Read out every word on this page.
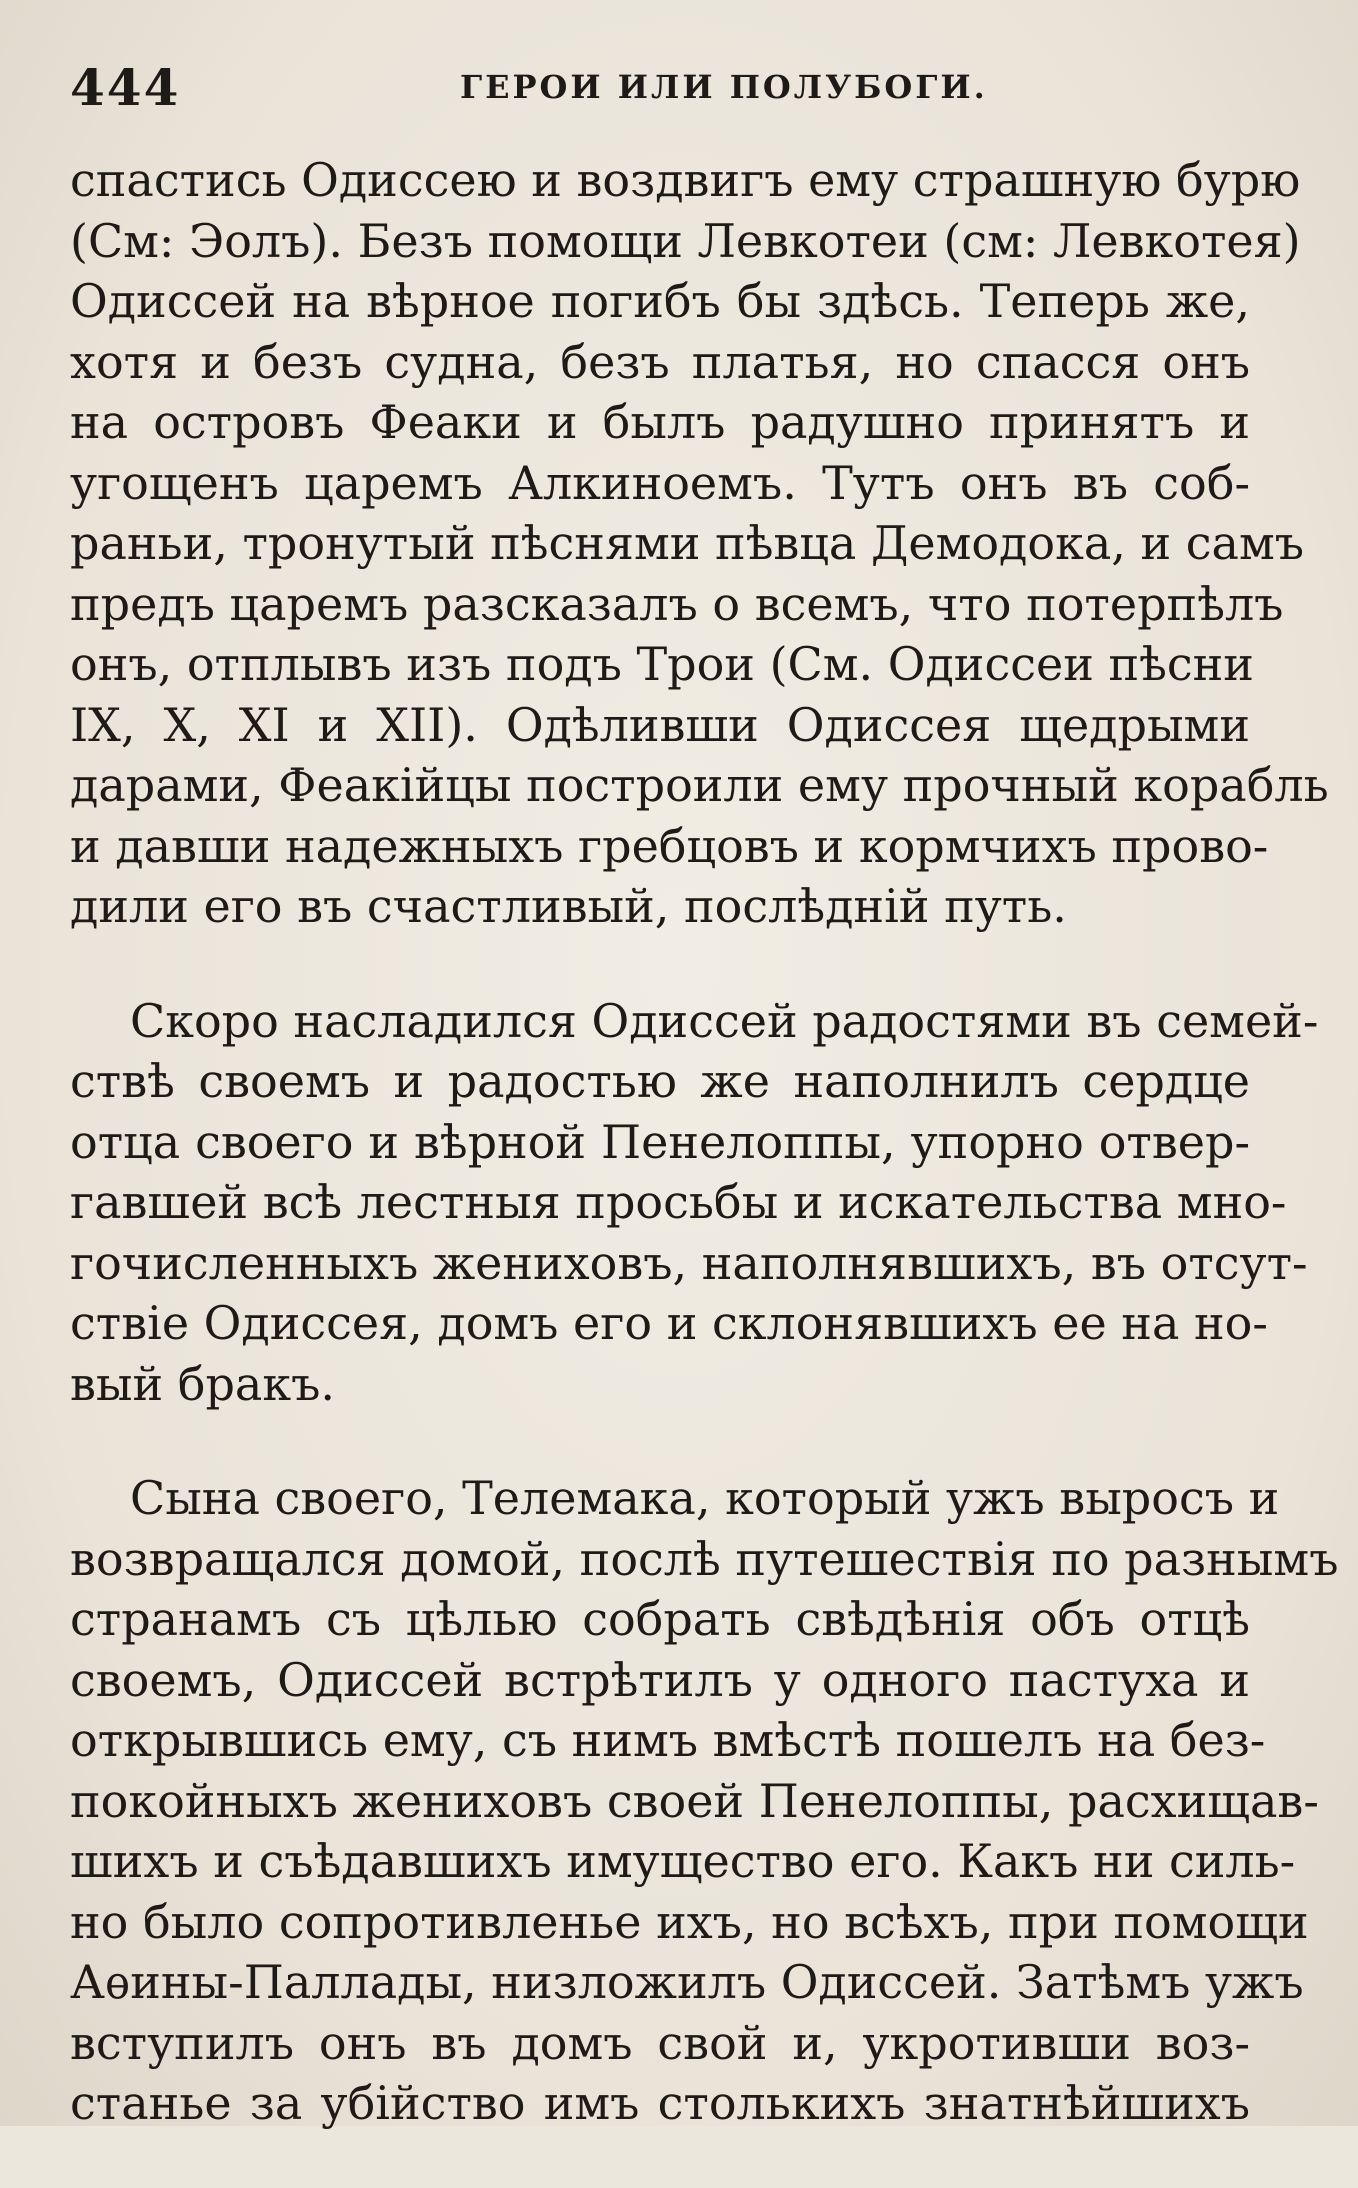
444	ГЕРОИ ИЛИ ПОЛУБОГИ.
спастись Одиссею и воздвигъ ему страшную бурю
(См: Эолъ). Безъ помощи Левкотеи (см: Левкотея)
Одиссей на вѣрное погибъ бы здѣсь. Теперь же,
хотя и безъ судна, безъ платья, но спасся онъ
на островъ Феаки и былъ радушно принятъ и
угощенъ царемъ Алкиноемъ. Тутъ онъ въ соб-
раньи, тронутый пѣснями пѣвца Демодока, и самъ
предъ царемъ разсказалъ о всемъ, что потерпѣлъ
онъ, отплывъ изъ подъ Трои (См. Одиссеи пѣсни
IX, X, XI и XII). Одѣливши Одиссея щедрыми
дарами, Феакійцы построили ему прочный корабль
и давши надежныхъ гребцовъ и кормчихъ прово-
дили его въ счастливый, послѣдній путь.
Скоро насладился Одиссей радостями въ семей-
ствѣ своемъ и радостью же наполнилъ сердце
отца своего и вѣрной Пенелоппы, упорно отвер-
гавшей всѣ лестныя просьбы и искательства мно-
гочисленныхъ жениховъ, наполнявшихъ, въ отсут-
ствіе Одиссея, домъ его и склонявшихъ ее на но-
вый бракъ.
Сына своего, Телемака, который ужъ выросъ и
возвращался домой, послѣ путешествія по разнымъ
странамъ съ цѣлью собрать свѣдѣнія объ отцѣ
своемъ, Одиссей встрѣтилъ у одного пастуха и
открывшись ему, съ нимъ вмѣстѣ пошелъ на без-
покойныхъ жениховъ своей Пенелоппы, расхищав-
шихъ и съѣдавшихъ имущество его. Какъ ни силь-
но было сопротивленье ихъ, но всѣхъ, при помощи
Аѳины-Паллады, низложилъ Одиссей. Затѣмъ ужъ
вступилъ онъ въ домъ свой и, укротивши воз-
станье за убійство имъ столькихъ знатнѣйшихъ
